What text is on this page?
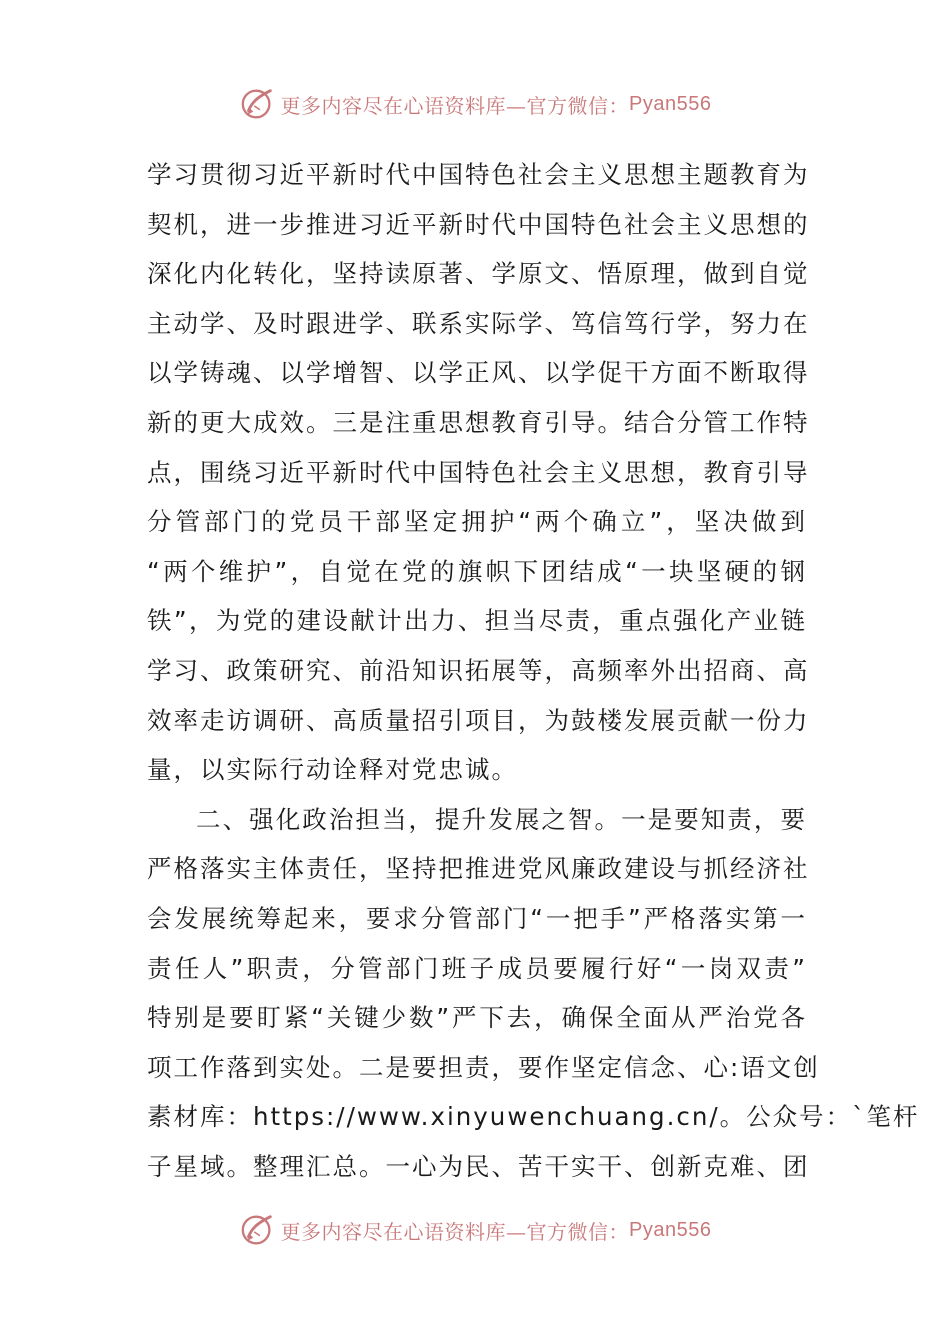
更多内容尽在心语资料库—官方微信： Pyan556
学习贯彻习近平新时代中国特色社会主义思想主题教育为
契机，进一步推进习近平新时代中国特色社会主义思想的
深化内化转化，坚持读原著、学原文、悟原理，做到自觉
主动学、及时跟进学、联系实际学、笃信笃行学，努力在
以学铸魂、以学增智、以学正风、以学促干方面不断取得
新的更大成效。三是注重思想教育引导。结合分管工作特
点，围绕习近平新时代中国特色社会主义思想，教育引导
分管部门的党员干部坚定拥护“两个确立”，坚决做到
“两个维护”，自觉在党的旗帜下团结成“一块坚硬的钢
铁”，为党的建设献计出力、担当尽责，重点强化产业链
学习、政策研究、前沿知识拓展等，高频率外出招商、高
效率走访调研、高质量招引项目，为鼓楼发展贡献一份力
量，以实际行动诠释对党忠诚。
二、强化政治担当，提升发展之智。一是要知责，要
严格落实主体责任，坚持把推进党风廉政建设与抓经济社
会发展统筹起来，要求分管部门“一把手”严格落实第一
责任人”职责，分管部门班子成员要履行好“一岗双责”
特别是要盯紧“关键少数”严下去，确保全面从严治党各
项工作落到实处。二是要担责，要作坚定信念、心:语文创
素材库：https://www.xinyuwenchuang.cn/。公众号：`笔杆
子星域。整理汇总。一心为民、苦干实干、创新克难、团
更多内容尽在心语资料库—官方微信： Pyan556
